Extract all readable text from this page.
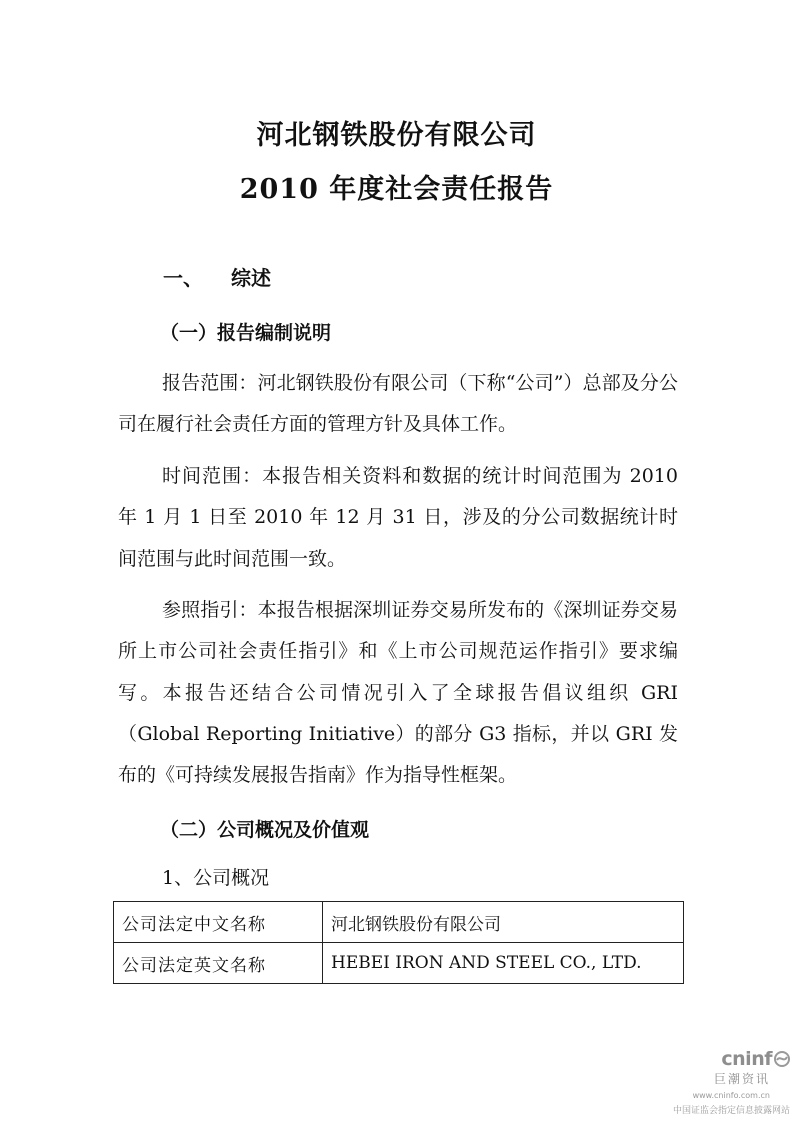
河北钢铁股份有限公司
2010 年度社会责任报告
一、 综述
（一）报告编制说明
报告范围：河北钢铁股份有限公司（下称“公司”）总部及分公司在履行社会责任方面的管理方针及具体工作。
时间范围：本报告相关资料和数据的统计时间范围为 2010 年 1 月 1 日至 2010 年 12 月 31 日，涉及的分公司数据统计时间范围与此时间范围一致。
参照指引：本报告根据深圳证券交易所发布的《深圳证券交易所上市公司社会责任指引》和《上市公司规范运作指引》要求编写。本报告还结合公司情况引入了全球报告倡议组织 GRI（Global Reporting Initiative）的部分 G3 指标，并以 GRI 发布的《可持续发展报告指南》作为指导性框架。
（二）公司概况及价值观
1、公司概况
公司法定中文名称	河北钢铁股份有限公司
公司法定英文名称	HEBEI IRON AND STEEL CO., LTD.
cninf
巨潮资讯
www.cninfo.com.cn
中国证监会指定信息披露网站
